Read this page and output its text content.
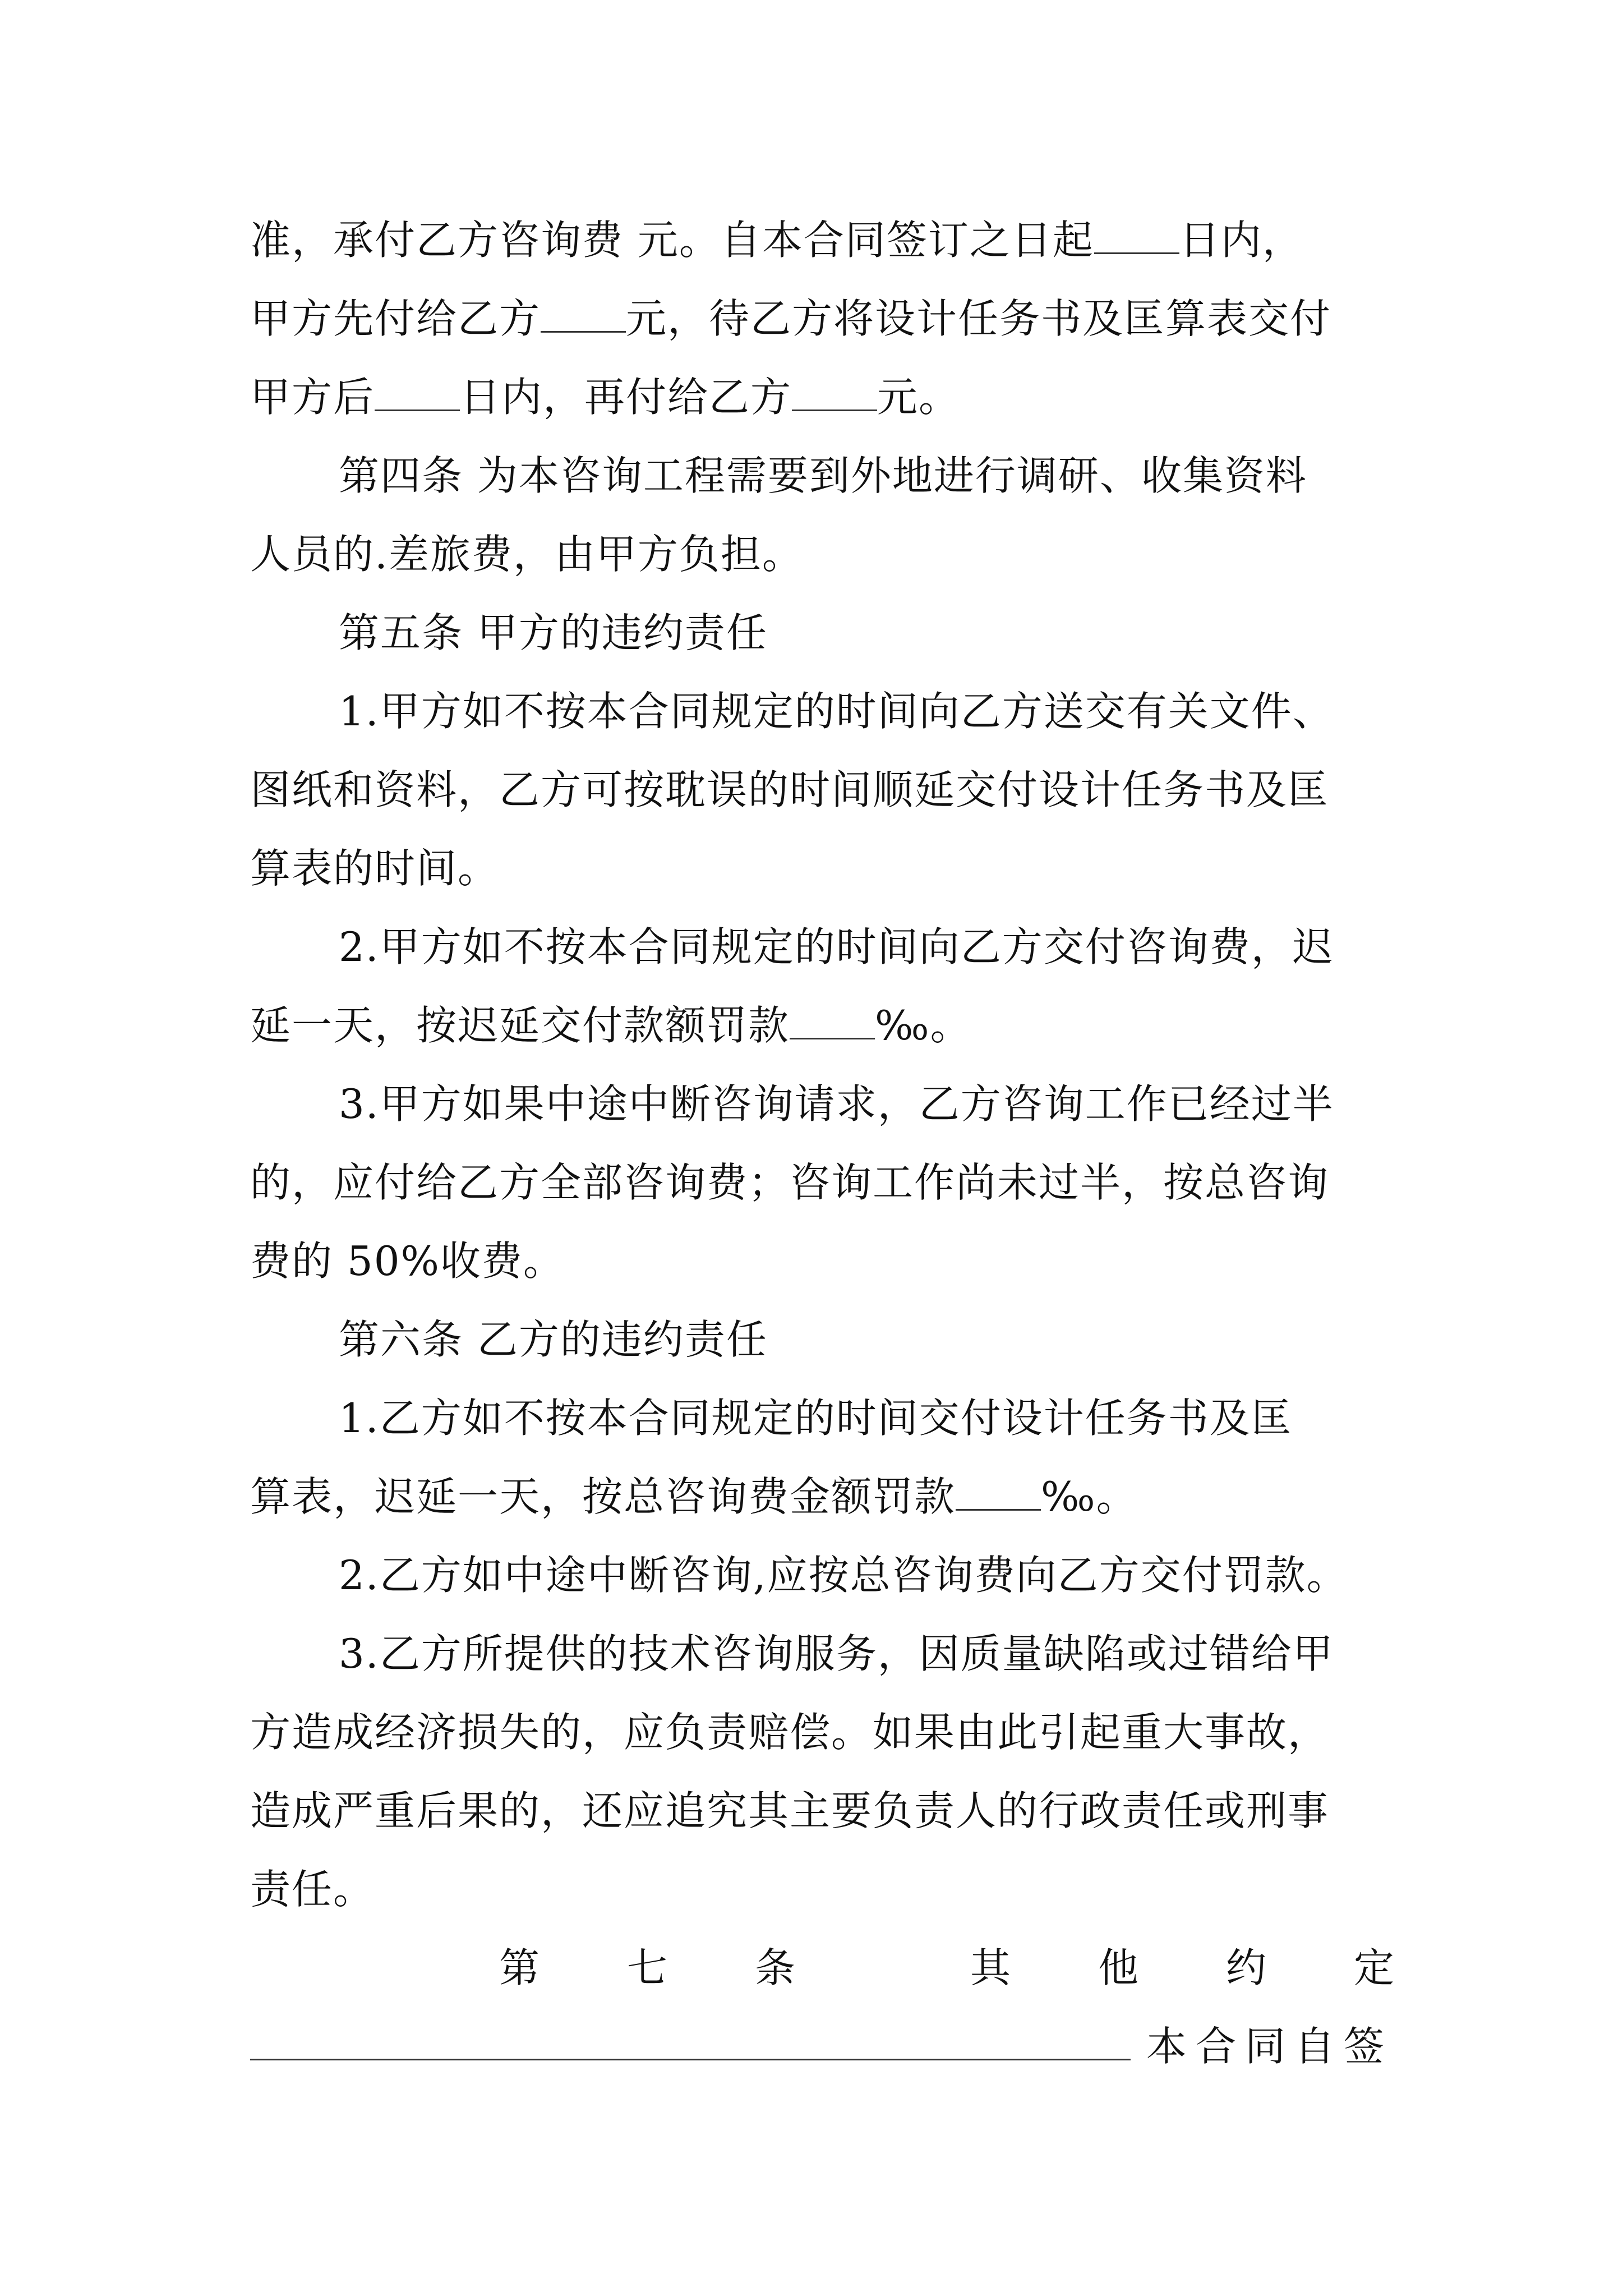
准，承付乙方咨询费 元。自本合同签订之日起 日内，
甲方先付给乙方 元，待乙方将设计任务书及匡算表交付
甲方后 日内，再付给乙方 元。
第四条 为本咨询工程需要到外地进行调研、收集资料
人员的.差旅费，由甲方负担。
第五条 甲方的违约责任
1.甲方如不按本合同规定的时间向乙方送交有关文件、
图纸和资料，乙方可按耽误的时间顺延交付设计任务书及匡
算表的时间。
2.甲方如不按本合同规定的时间向乙方交付咨询费，迟
延一天，按迟延交付款额罚款 ‰。
3.甲方如果中途中断咨询请求，乙方咨询工作已经过半
的，应付给乙方全部咨询费；咨询工作尚未过半，按总咨询
费的 50%收费。
第六条 乙方的违约责任
1.乙方如不按本合同规定的时间交付设计任务书及匡
算表，迟延一天，按总咨询费金额罚款 ‰。
2.乙方如中途中断咨询,应按总咨询费向乙方交付罚款。
3.乙方所提供的技术咨询服务，因质量缺陷或过错给甲
方造成经济损失的，应负责赔偿。如果由此引起重大事故，
造成严重后果的，还应追究其主要负责人的行政责任或刑事
责任。
第 七 条	其 他 约 定
本合同自签
